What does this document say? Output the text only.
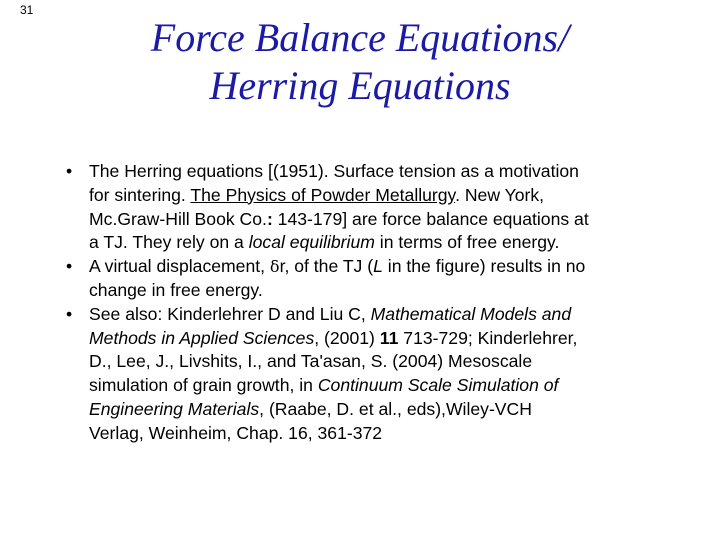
31
Force Balance Equations/
Herring Equations
• The Herring equations [(1951). Surface tension as a motivation
for sintering. The Physics of Powder Metallurgy. New York,
Mc.Graw-Hill Book Co.: 143-179] are force balance equations at
a TJ. They rely on a local equilibrium in terms of free energy.
• A virtual displacement, δr, of the TJ (L in the figure) results in no
change in free energy.
• See also: Kinderlehrer D and Liu C, Mathematical Models and
Methods in Applied Sciences, (2001) 11 713-729; Kinderlehrer,
D., Lee, J., Livshits, I., and Ta'asan, S. (2004) Mesoscale
simulation of grain growth, in Continuum Scale Simulation of
Engineering Materials, (Raabe, D. et al., eds),Wiley-VCH
Verlag, Weinheim, Chap. 16, 361-372
